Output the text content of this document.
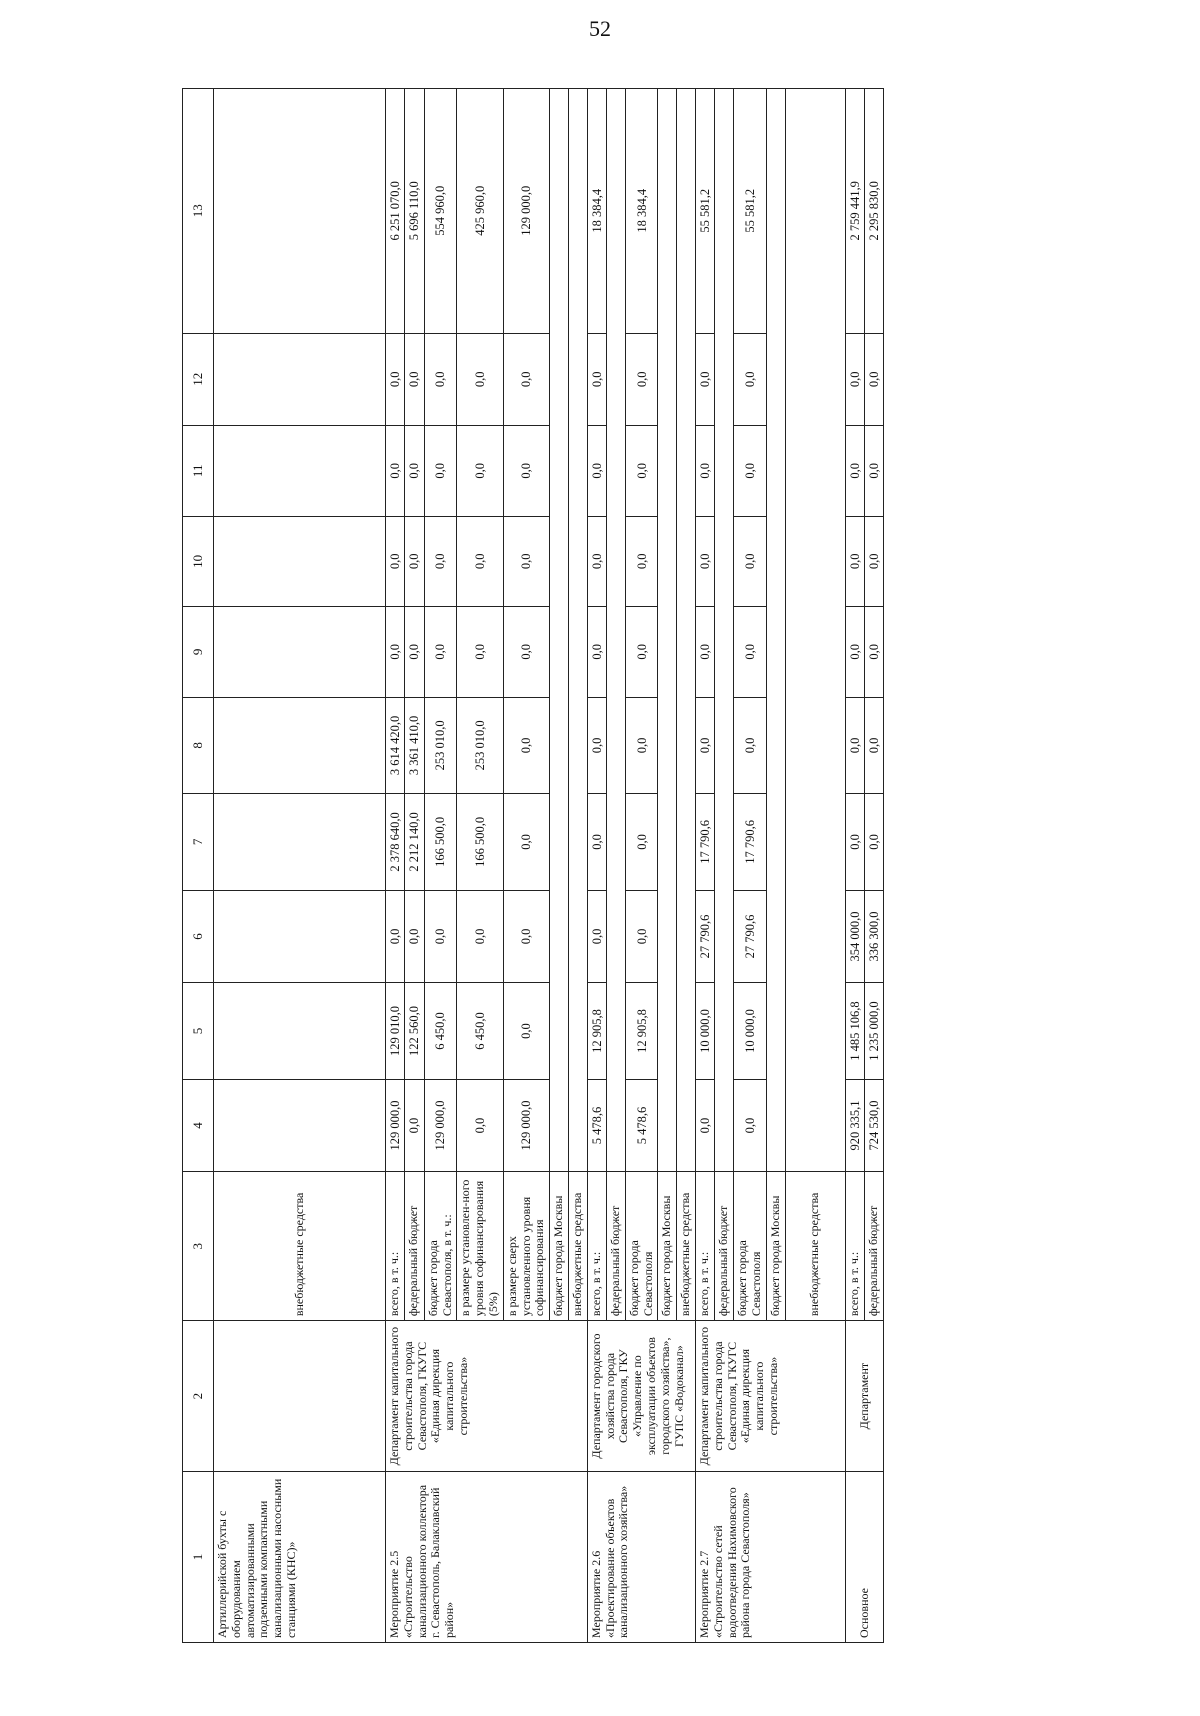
52
1	2	3	4	5	6	7	8	9	10	11	12	13
Артиллерийской бухты с оборудованием автоматизированными подземными компактными канализационными насосными станциями (КНС)»		внебюджетные средства										
Мероприятие 2.5 «Строительство канализационного коллектора г. Севастополь, Балаклавский район»	Департамент капитального строительства города Севастополя, ГКУГС «Единая дирекция капитального строительства»	всего, в т. ч.:	129 000,0	129 010,0	0,0	2 378 640,0	3 614 420,0	0,0	0,0	0,0	0,0	6 251 070,0
		федеральный бюджет	0,0	122 560,0	0,0	2 212 140,0	3 361 410,0	0,0	0,0	0,0	0,0	5 696 110,0
		бюджет города Севастополя, в т. ч.:	129 000,0	6 450,0	0,0	166 500,0	253 010,0	0,0	0,0	0,0	0,0	554 960,0
		в размере установлен-ного уровня софинансирования (5%)	0,0	6 450,0	0,0	166 500,0	253 010,0	0,0	0,0	0,0	0,0	425 960,0
		в размере сверх установленного уровня софинансирования	129 000,0	0,0	0,0	0,0	0,0	0,0	0,0	0,0	0,0	129 000,0
		бюджет города Москвы										
		внебюджетные средства										
Мероприятие 2.6 «Проектирование объектов канализационного хозяйства»	Департамент городского хозяйства города Севастополя, ГКУ «Управление по эксплуатации объектов городского хозяйства», ГУПС «Водоканал»	всего, в т. ч.:	5 478,6	12 905,8	0,0	0,0	0,0	0,0	0,0	0,0	0,0	18 384,4
		федеральный бюджет										
		бюджет города Севастополя	5 478,6	12 905,8	0,0	0,0	0,0	0,0	0,0	0,0	0,0	18 384,4
		бюджет города Москвы										
		внебюджетные средства										
Мероприятие 2.7 «Строительство сетей водоотведения Нахимовского района города Севастополя»	Департамент капитального строительства города Севастополя, ГКУГС «Единая дирекция капитального строительства»	всего, в т. ч.:	0,0	10 000,0	27 790,6	17 790,6	0,0	0,0	0,0	0,0	0,0	55 581,2
		федеральный бюджет										
		бюджет города Севастополя	0,0	10 000,0	27 790,6	17 790,6	0,0	0,0	0,0	0,0	0,0	55 581,2
		бюджет города Москвы										
		внебюджетные средства										
Основное	Департамент	всего, в т. ч.:	920 335,1	1 485 106,8	354 000,0	0,0	0,0	0,0	0,0	0,0	0,0	2 759 441,9
		федеральный бюджет	724 530,0	1 235 000,0	336 300,0	0,0	0,0	0,0	0,0	0,0	0,0	2 295 830,0
